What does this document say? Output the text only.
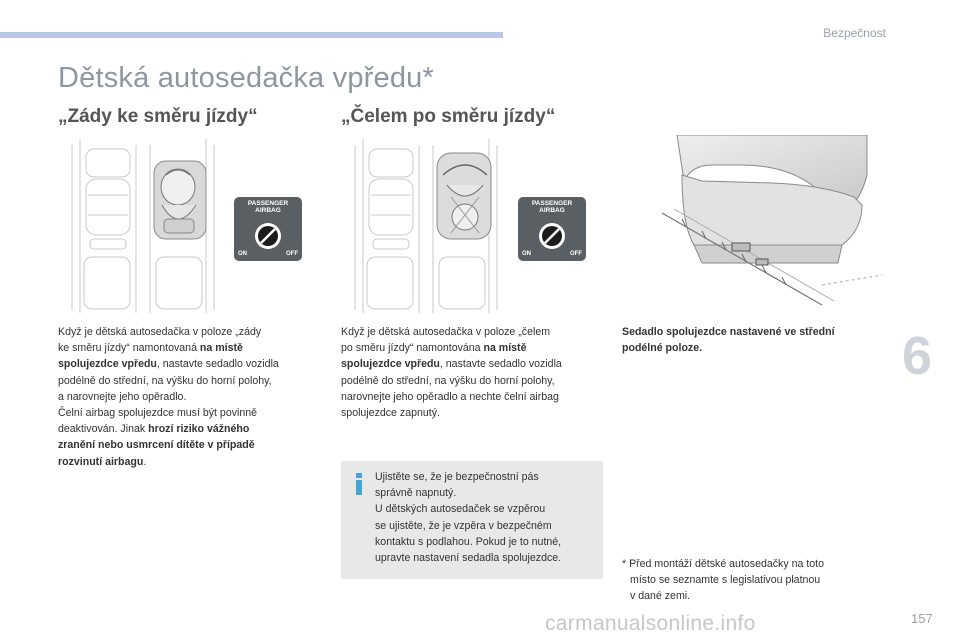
Bezpečnost
Dětská autosedačka vpředu*
„Zády ke směru jízdy“	„Čelem po směru jízdy“
PASSENGER
AIRBAG
ON	OFF
PASSENGER
AIRBAG
ON	OFF
Když je dětská autosedačka v poloze „zády
ke směru jízdy“ namontovaná na místě
spolujezdce vpředu, nastavte sedadlo vozidla
podélně do střední, na výšku do horní polohy,
a narovnejte jeho opěradlo.
Čelní airbag spolujezdce musí být povinně
deaktivován. Jinak hrozí riziko vážného
zranění nebo usmrcení dítěte v případě
rozvinutí airbagu.
Když je dětská autosedačka v poloze „čelem
po směru jízdy“ namontována na místě
spolujezdce vpředu, nastavte sedadlo vozidla
podélně do střední, na výšku do horní polohy,
narovnejte jeho opěradlo a nechte čelní airbag
spolujezdce zapnutý.
Sedadlo spolujezdce nastavené ve střední
podélné poloze.
Ujistěte se, že je bezpečnostní pás
správně napnutý.
U dětských autosedaček se vzpěrou
se ujistěte, že je vzpěra v bezpečném
kontaktu s podlahou. Pokud je to nutné,
upravte nastavení sedadla spolujezdce.	* Před montáží dětské autosedačky na toto
místo se seznamte s legislativou platnou
v dané zemi.
6
157
carmanualsonline.info
